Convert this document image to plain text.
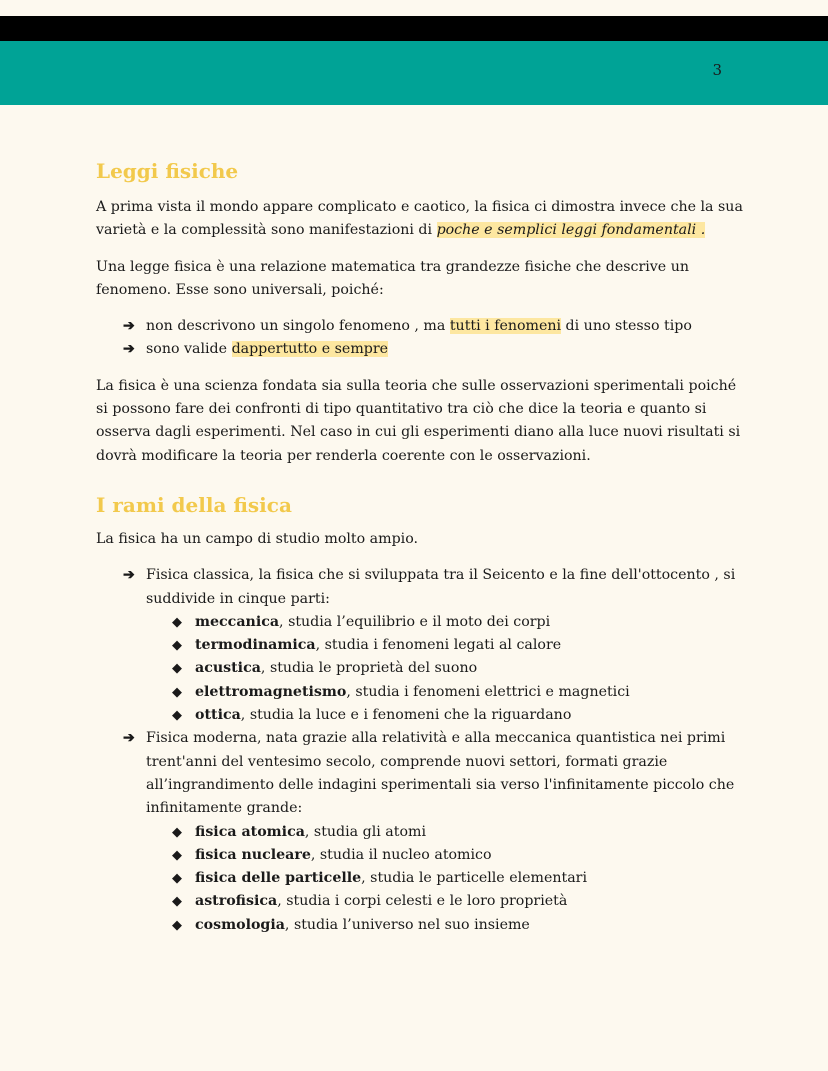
3
Leggi fisiche

A prima vista il mondo appare complicato e caotico, la fisica ci dimostra invece che la sua varietà e la complessità sono manifestazioni di poche e semplici leggi fondamentali .

Una legge fisica è una relazione matematica tra grandezze fisiche che descrive un fenomeno. Esse sono universali, poiché:

➔ non descrivono un singolo fenomeno , ma tutti i fenomeni di uno stesso tipo
➔ sono valide dappertutto e sempre

La fisica è una scienza fondata sia sulla teoria che sulle osservazioni sperimentali poiché si possono fare dei confronti di tipo quantitativo tra ciò che dice la teoria e quanto si osserva dagli esperimenti. Nel caso in cui gli esperimenti diano alla luce nuovi risultati si dovrà modificare la teoria per renderla coerente con le osservazioni.

I rami della fisica

La fisica ha un campo di studio molto ampio.

➔ Fisica classica, la fisica che si sviluppata tra il Seicento e la fine dell'ottocento , si suddivide in cinque parti:
◆ meccanica, studia l’equilibrio e il moto dei corpi
◆ termodinamica, studia i fenomeni legati al calore
◆ acustica, studia le proprietà del suono
◆ elettromagnetismo, studia i fenomeni elettrici e magnetici
◆ ottica, studia la luce e i fenomeni che la riguardano
➔ Fisica moderna, nata grazie alla relatività e alla meccanica quantistica nei primi trent'anni del ventesimo secolo, comprende nuovi settori, formati grazie all’ingrandimento delle indagini sperimentali sia verso l'infinitamente piccolo che infinitamente grande:
◆ fisica atomica, studia gli atomi
◆ fisica nucleare, studia il nucleo atomico
◆ fisica delle particelle, studia le particelle elementari
◆ astrofisica, studia i corpi celesti e le loro proprietà
◆ cosmologia, studia l’universo nel suo insieme
